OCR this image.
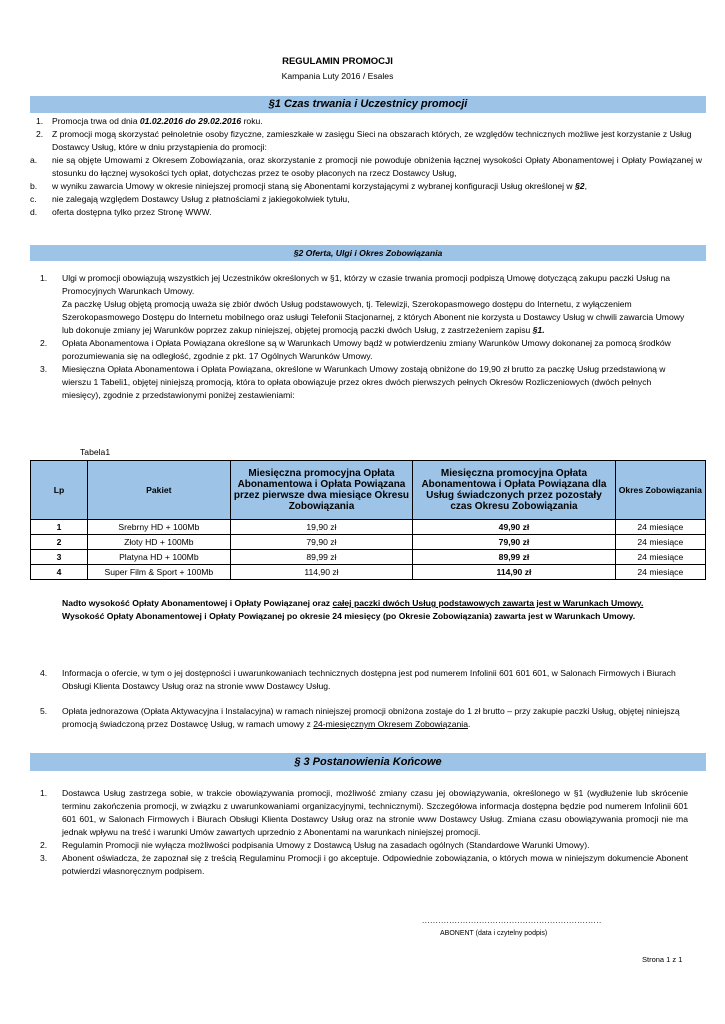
REGULAMIN PROMOCJI
Kampania Luty 2016 / Esales
§1 Czas trwania i Uczestnicy promocji
1. Promocja trwa od dnia 01.02.2016 do 29.02.2016 roku.
2. Z promocji mogą skorzystać pełnoletnie osoby fizyczne, zamieszkałe w zasięgu Sieci na obszarach których, ze względów technicznych możliwe jest korzystanie z Usług Dostawcy Usług, które w dniu przystąpienia do promocji:
a. nie są objęte Umowami z Okresem Zobowiązania, oraz skorzystanie z promocji nie powoduje obniżenia łącznej wysokości Opłaty Abonamentowej i Opłaty Powiązanej w stosunku do łącznej wysokości tych opłat, dotychczas przez te osoby płaconych na rzecz Dostawcy Usług,
b. w wyniku zawarcia Umowy w okresie niniejszej promocji staną się Abonentami korzystającymi z wybranej konfiguracji Usług określonej w §2,
c. nie zalegają względem Dostawcy Usług z płatnościami z jakiegokolwiek tytułu,
d. oferta dostępna tylko przez Stronę WWW.
§2 Oferta, Ulgi i Okres Zobowiązania
1. Ulgi w promocji obowiązują wszystkich jej Uczestników określonych w §1, którzy w czasie trwania promocji podpiszą Umowę dotyczącą zakupu paczki Usług na Promocyjnych Warunkach Umowy.
Za paczkę Usług objętą promocją uważa się zbiór dwóch Usług podstawowych, tj. Telewizji, Szerokopasmowego dostępu do Internetu, z wyłączeniem Szerokopasmowego Dostępu do Internetu mobilnego oraz usługi Telefonii Stacjonarnej, z których Abonent nie korzysta u Dostawcy Usług w chwili zawarcia Umowy lub dokonuje zmiany jej Warunków poprzez zakup niniejszej, objętej promocją paczki dwóch Usług, z zastrzeżeniem zapisu §1.
2. Opłata Abonamentowa i Opłata Powiązana określone są w Warunkach Umowy bądź w potwierdzeniu zmiany Warunków Umowy dokonanej za pomocą środków porozumiewania się na odległość, zgodnie z pkt. 17 Ogólnych Warunków Umowy.
3. Miesięczna Opłata Abonamentowa i Opłata Powiązana, określone w Warunkach Umowy zostają obniżone do 19,90 zł brutto za paczkę Usług przedstawioną w wierszu 1 Tabeli1, objętej niniejszą promocją, która to opłata obowiązuje przez okres dwóch pierwszych pełnych Okresów Rozliczeniowych (dwóch pełnych miesięcy), zgodnie z przedstawionymi poniżej zestawieniami:
Tabela1
Lp	Pakiet	Miesięczna promocyjna Opłata Abonamentowa i Opłata Powiązana przez pierwsze dwa miesiące Okresu Zobowiązania	Miesięczna promocyjna Opłata Abonamentowa i Opłata Powiązana dla Usług świadczonych przez pozostały czas Okresu Zobowiązania	Okres Zobowiązania
1	Srebrny HD + 100Mb	19,90 zł	49,90 zł	24 miesiące
2	Złoty HD + 100Mb	79,90 zł	79,90 zł	24 miesiące
3	Platyna HD + 100Mb	89,99 zł	89,99 zł	24 miesiące
4	Super Film & Sport + 100Mb	114,90 zł	114,90 zł	24 miesiące
Nadto wysokość Opłaty Abonamentowej i Opłaty Powiązanej oraz całej paczki dwóch Usług podstawowych zawarta jest w Warunkach Umowy.
Wysokość Opłaty Abonamentowej i Opłaty Powiązanej po okresie 24 miesięcy (po Okresie Zobowiązania) zawarta jest w Warunkach Umowy.
4. Informacja o ofercie, w tym o jej dostępności i uwarunkowaniach technicznych dostępna jest pod numerem Infolinii 601 601 601, w Salonach Firmowych i Biurach Obsługi Klienta Dostawcy Usług oraz na stronie www Dostawcy Usług.
5. Opłata jednorazowa (Opłata Aktywacyjna i Instalacyjna) w ramach niniejszej promocji obniżona zostaje do 1 zł brutto – przy zakupie paczki Usług, objętej niniejszą promocją świadczoną przez Dostawcę Usług, w ramach umowy z 24-miesięcznym Okresem Zobowiązania.
§ 3 Postanowienia Końcowe
1. Dostawca Usług zastrzega sobie, w trakcie obowiązywania promocji, możliwość zmiany czasu jej obowiązywania, określonego w §1 (wydłużenie lub skrócenie terminu zakończenia promocji, w związku z uwarunkowaniami organizacyjnymi, technicznymi). Szczegółowa informacja dostępna będzie pod numerem Infolinii 601 601 601, w Salonach Firmowych i Biurach Obsługi Klienta Dostawcy Usług oraz na stronie www Dostawcy Usług. Zmiana czasu obowiązywania promocji nie ma jednak wpływu na treść i warunki Umów zawartych uprzednio z Abonentami na warunkach niniejszej promocji.
2. Regulamin Promocji nie wyłącza możliwości podpisania Umowy z Dostawcą Usług na zasadach ogólnych (Standardowe Warunki Umowy).
3. Abonent oświadcza, że zapoznał się z treścią Regulaminu Promocji i go akceptuje. Odpowiednie zobowiązania, o których mowa w niniejszym dokumencie Abonent potwierdzi własnoręcznym podpisem.
..................................................................
ABONENT (data i czytelny podpis)
Strona 1 z 1
